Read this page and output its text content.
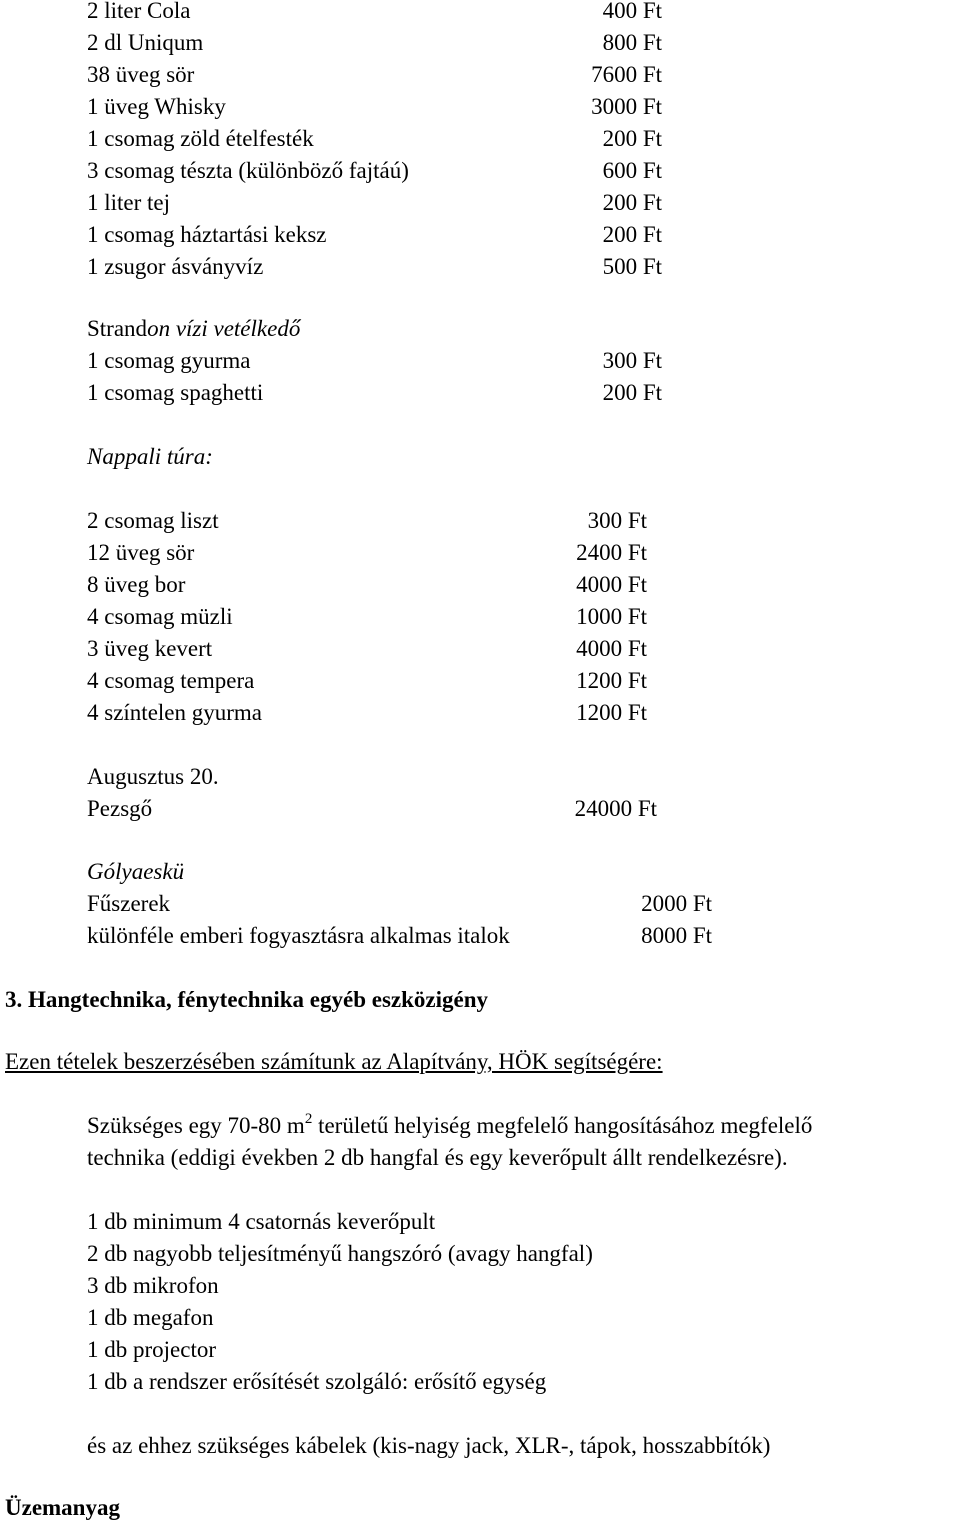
2 liter Cola	400 Ft
2 dl Uniqum	800 Ft
38 üveg sör	7600 Ft
1 üveg Whisky	3000 Ft
1 csomag zöld ételfesték	200 Ft
3 csomag tészta (különböző fajtáú)	600 Ft
1 liter tej	200 Ft
1 csomag háztartási keksz	200 Ft
1 zsugor ásványvíz	500 Ft
Strandon vízi vetélkedő
1 csomag gyurma	300 Ft
1 csomag spaghetti	200 Ft
Nappali túra:
2 csomag liszt	300 Ft
12 üveg sör	2400 Ft
8 üveg bor	4000 Ft
4 csomag müzli	1000 Ft
3 üveg kevert	4000 Ft
4 csomag tempera	1200 Ft
4 színtelen gyurma	1200 Ft
Augusztus 20.
Pezsgő	24000 Ft
Gólyaeskü
Fűszerek	2000 Ft
különféle emberi fogyasztásra alkalmas italok	8000 Ft
3. Hangtechnika, fénytechnika egyéb eszközigény
Ezen tételek beszerzésében számítunk az Alapítvány, HÖK segítségére:
Szükséges egy 70-80 $m^2$ területű helyiség megfelelő hangosításához megfelelő
technika (eddigi években 2 db hangfal és egy keverőpult állt rendelkezésre).
1 db minimum 4 csatornás keverőpult
2 db nagyobb teljesítményű hangszóró (avagy hangfal)
3 db mikrofon
1 db megafon
1 db projector
1 db a rendszer erősítését szolgáló: erősítő egység
és az ehhez szükséges kábelek (kis-nagy jack, XLR-, tápok, hosszabbítók)
Üzemanyag
